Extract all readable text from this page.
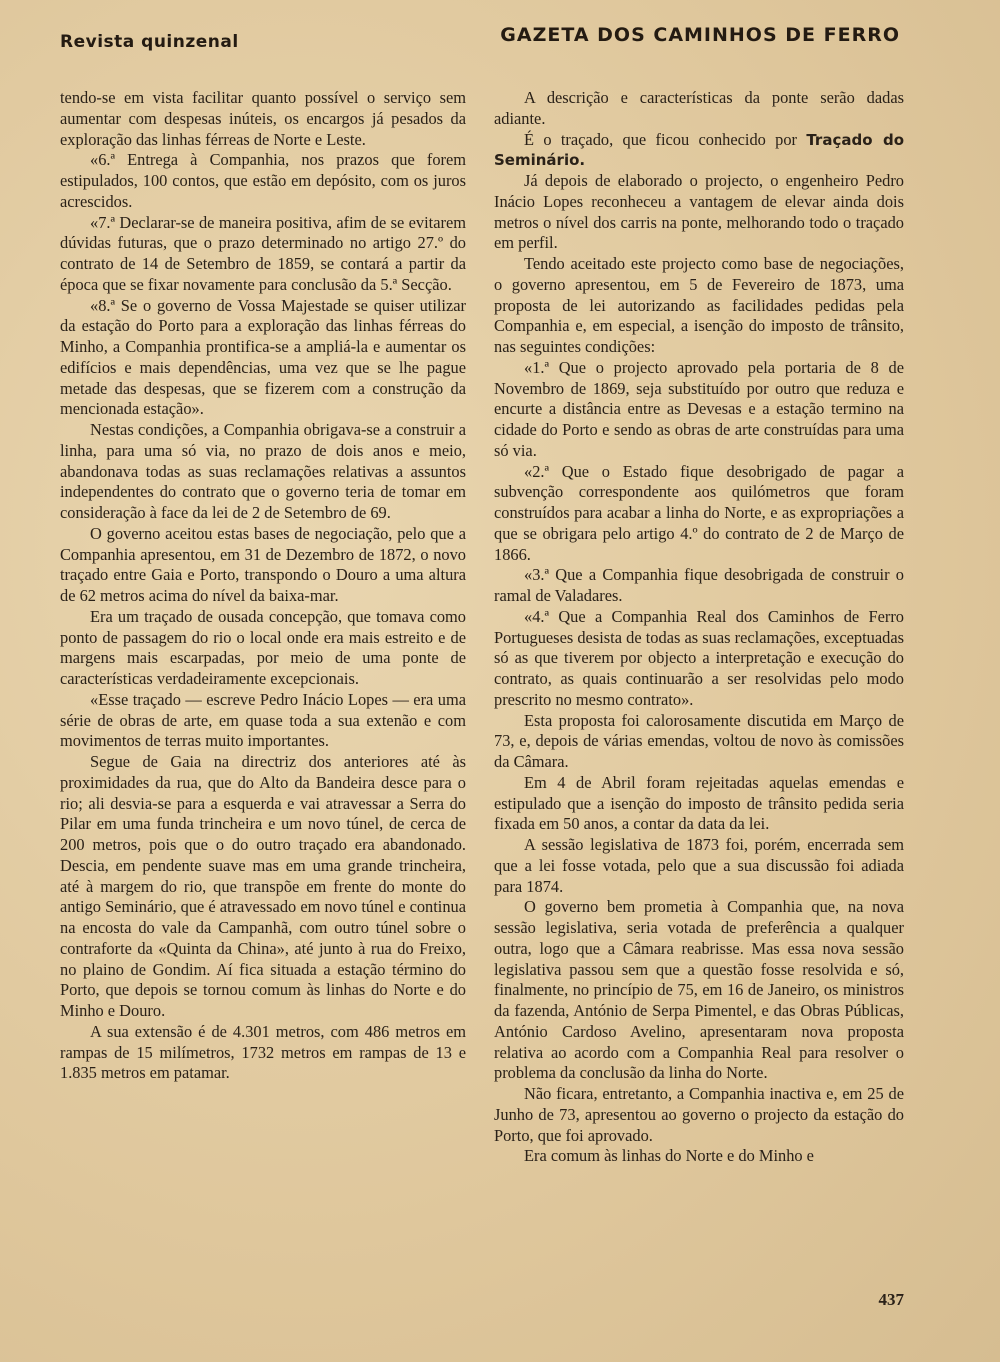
Revista quinzenal	GAZETA DOS CAMINHOS DE FERRO

tendo-se em vista facilitar quanto possível o serviço sem aumentar com despesas inúteis, os encargos já pesados da exploração das linhas férreas de Norte e Leste.

«6.ª Entrega à Companhia, nos prazos que forem estipulados, 100 contos, que estão em depósito, com os juros acrescidos.

«7.ª Declarar-se de maneira positiva, afim de se evitarem dúvidas futuras, que o prazo determinado no artigo 27.º do contrato de 14 de Setembro de 1859, se contará a partir da época que se fixar novamente para conclusão da 5.ª Secção.

«8.ª Se o governo de Vossa Majestade se quiser utilizar da estação do Porto para a exploração das linhas férreas do Minho, a Companhia prontifica-se a ampliá-la e aumentar os edifícios e mais dependências, uma vez que se lhe pague metade das despesas, que se fizerem com a construção da mencionada estação».

Nestas condições, a Companhia obrigava-se a construir a linha, para uma só via, no prazo de dois anos e meio, abandonava todas as suas reclamações relativas a assuntos independentes do contrato que o governo teria de tomar em consideração à face da lei de 2 de Setembro de 69.

O governo aceitou estas bases de negociação, pelo que a Companhia apresentou, em 31 de Dezembro de 1872, o novo traçado entre Gaia e Porto, transpondo o Douro a uma altura de 62 metros acima do nível da baixa-mar.

Era um traçado de ousada concepção, que tomava como ponto de passagem do rio o local onde era mais estreito e de margens mais escarpadas, por meio de uma ponte de características verdadeiramente excepcionais.

«Esse traçado — escreve Pedro Inácio Lopes — era uma série de obras de arte, em quase toda a sua extenão e com movimentos de terras muito importantes.

Segue de Gaia na directriz dos anteriores até às proximidades da rua, que do Alto da Bandeira desce para o rio; ali desvia-se para a esquerda e vai atravessar a Serra do Pilar em uma funda trincheira e um novo túnel, de cerca de 200 metros, pois que o do outro traçado era abandonado. Descia, em pendente suave mas em uma grande trincheira, até à margem do rio, que transpõe em frente do monte do antigo Seminário, que é atravessado em novo túnel e continua na encosta do vale da Campanhã, com outro túnel sobre o contraforte da «Quinta da China», até junto à rua do Freixo, no plaino de Gondim. Aí fica situada a estação término do Porto, que depois se tornou comum às linhas do Norte e do Minho e Douro.

A sua extensão é de 4.301 metros, com 486 metros em rampas de 15 milímetros, 1732 metros em rampas de 13 e 1.835 metros em patamar.

A descrição e características da ponte serão dadas adiante.

É o traçado, que ficou conhecido por Traçado do Seminário.

Já depois de elaborado o projecto, o engenheiro Pedro Inácio Lopes reconheceu a vantagem de elevar ainda dois metros o nível dos carris na ponte, melhorando todo o traçado em perfil.

Tendo aceitado este projecto como base de negociações, o governo apresentou, em 5 de Fevereiro de 1873, uma proposta de lei autorizando as facilidades pedidas pela Companhia e, em especial, a isenção do imposto de trânsito, nas seguintes condições:

«1.ª Que o projecto aprovado pela portaria de 8 de Novembro de 1869, seja substituído por outro que reduza e encurte a distância entre as Devesas e a estação termino na cidade do Porto e sendo as obras de arte construídas para uma só via.

«2.ª Que o Estado fique desobrigado de pagar a subvenção correspondente aos quilómetros que foram construídos para acabar a linha do Norte, e as expropriações a que se obrigara pelo artigo 4.º do contrato de 2 de Março de 1866.

«3.ª Que a Companhia fique desobrigada de construir o ramal de Valadares.

«4.ª Que a Companhia Real dos Caminhos de Ferro Portugueses desista de todas as suas reclamações, exceptuadas só as que tiverem por objecto a interpretação e execução do contrato, as quais continuarão a ser resolvidas pelo modo prescrito no mesmo contrato».

Esta proposta foi calorosamente discutida em Março de 73, e, depois de várias emendas, voltou de novo às comissões da Câmara.

Em 4 de Abril foram rejeitadas aquelas emendas e estipulado que a isenção do imposto de trânsito pedida seria fixada em 50 anos, a contar da data da lei.

A sessão legislativa de 1873 foi, porém, encerrada sem que a lei fosse votada, pelo que a sua discussão foi adiada para 1874.

O governo bem prometia à Companhia que, na nova sessão legislativa, seria votada de preferência a qualquer outra, logo que a Câmara reabrisse. Mas essa nova sessão legislativa passou sem que a questão fosse resolvida e só, finalmente, no princípio de 75, em 16 de Janeiro, os ministros da fazenda, António de Serpa Pimentel, e das Obras Públicas, António Cardoso Avelino, apresentaram nova proposta relativa ao acordo com a Companhia Real para resolver o problema da conclusão da linha do Norte.

Não ficara, entretanto, a Companhia inactiva e, em 25 de Junho de 73, apresentou ao governo o projecto da estação do Porto, que foi aprovado.

Era comum às linhas do Norte e do Minho e

437
